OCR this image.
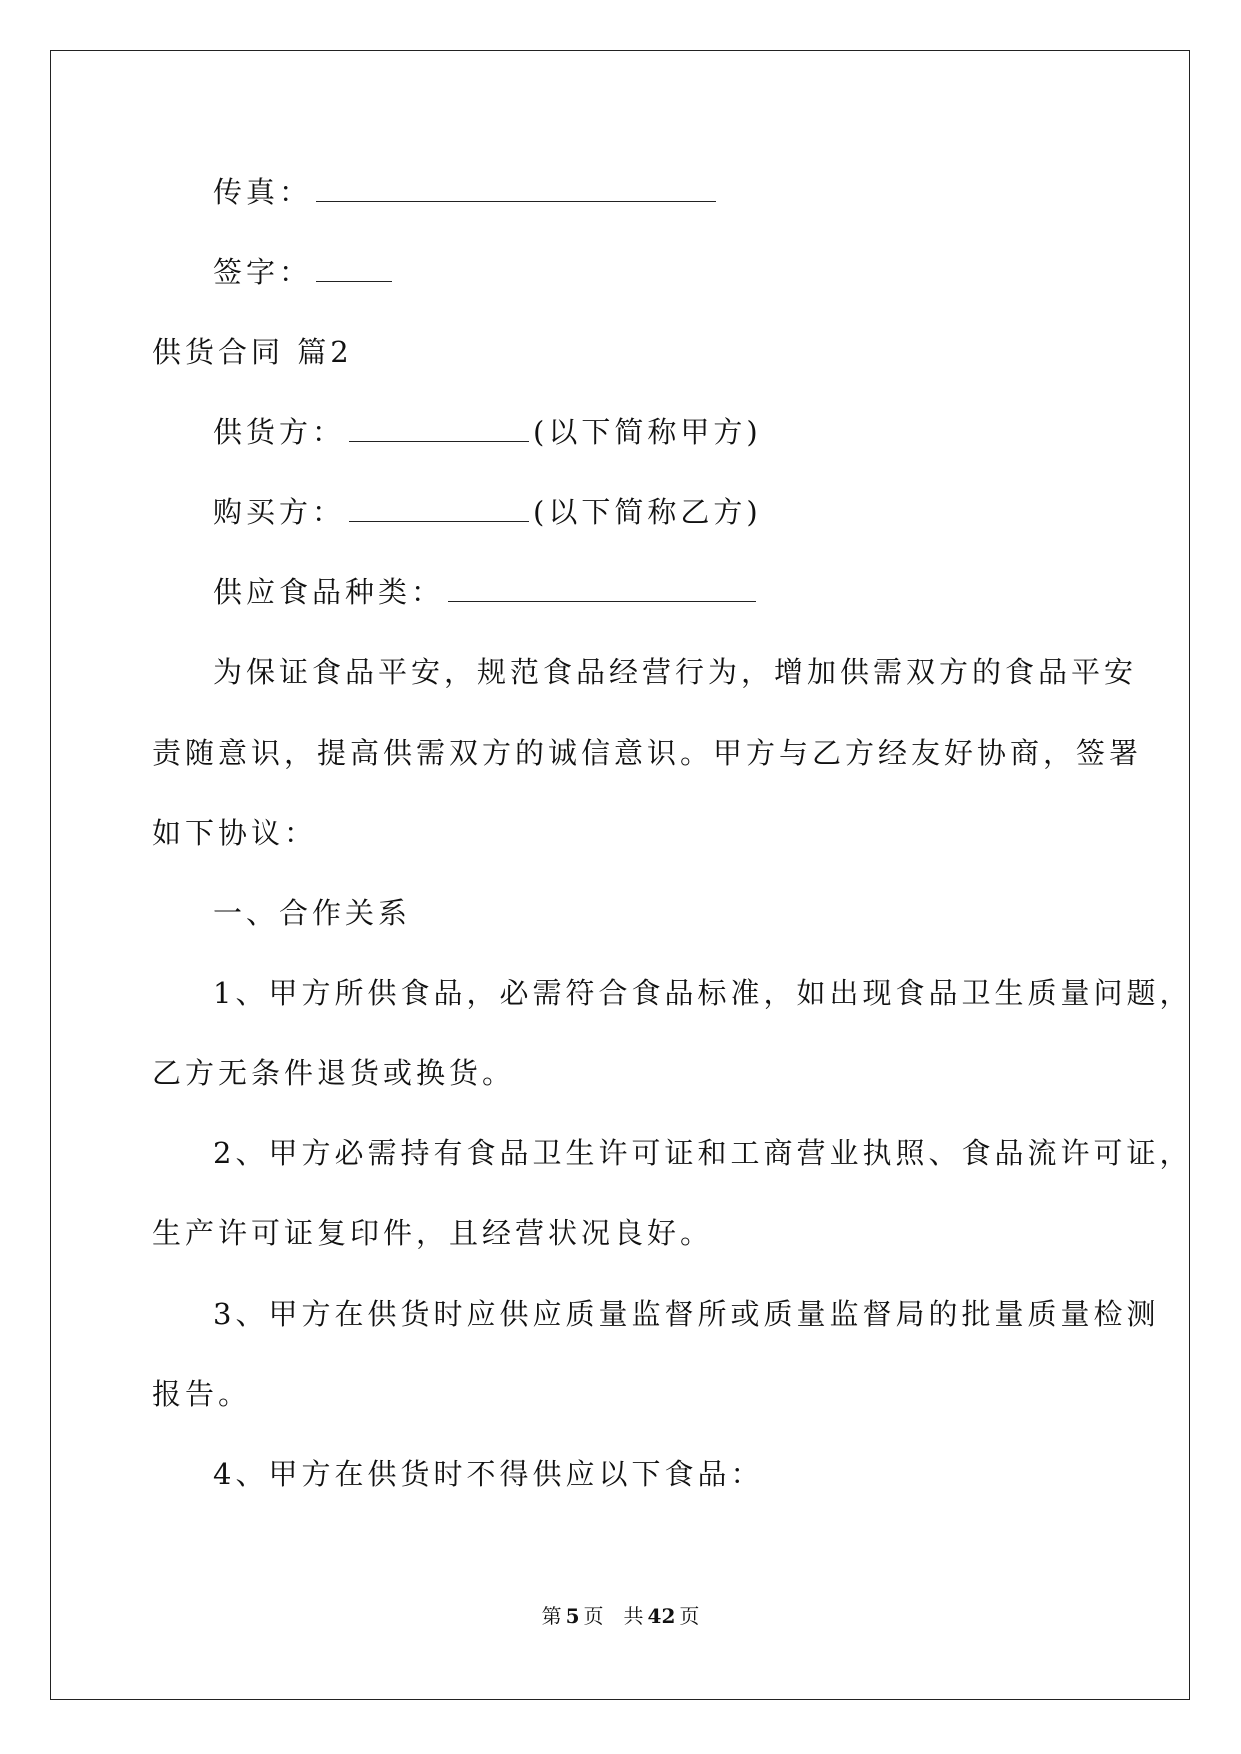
传真：
签字：
供货合同 篇2
供货方：	(以下简称甲方)
购买方：	(以下简称乙方)
供应食品种类：
为保证食品平安，规范食品经营行为，增加供需双方的食品平安
责随意识，提高供需双方的诚信意识。甲方与乙方经友好协商，签署
如下协议：
一、合作关系
1、甲方所供食品，必需符合食品标准，如出现食品卫生质量问题，
乙方无条件退货或换货。
2、甲方必需持有食品卫生许可证和工商营业执照、食品流许可证，
生产许可证复印件，且经营状况良好。
3、甲方在供货时应供应质量监督所或质量监督局的批量质量检测
报告。
4、甲方在供货时不得供应以下食品：
第 5 页 共 42 页
